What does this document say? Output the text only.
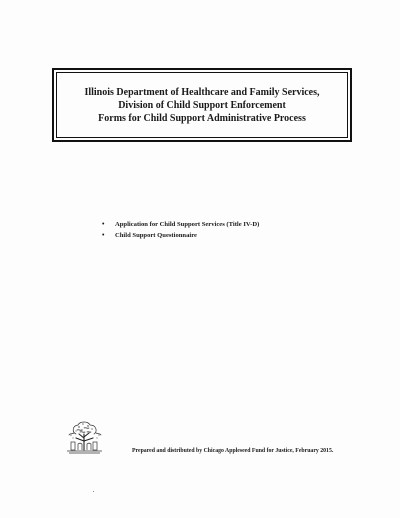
Illinois Department of Healthcare and Family Services,
Division of Child Support Enforcement
Forms for Child Support Administrative Process
•	Application for Child Support Services (Title IV-D)
•	Child Support Questionnaire
Prepared and distributed by Chicago Appleseed Fund for Justice, February 2015.
